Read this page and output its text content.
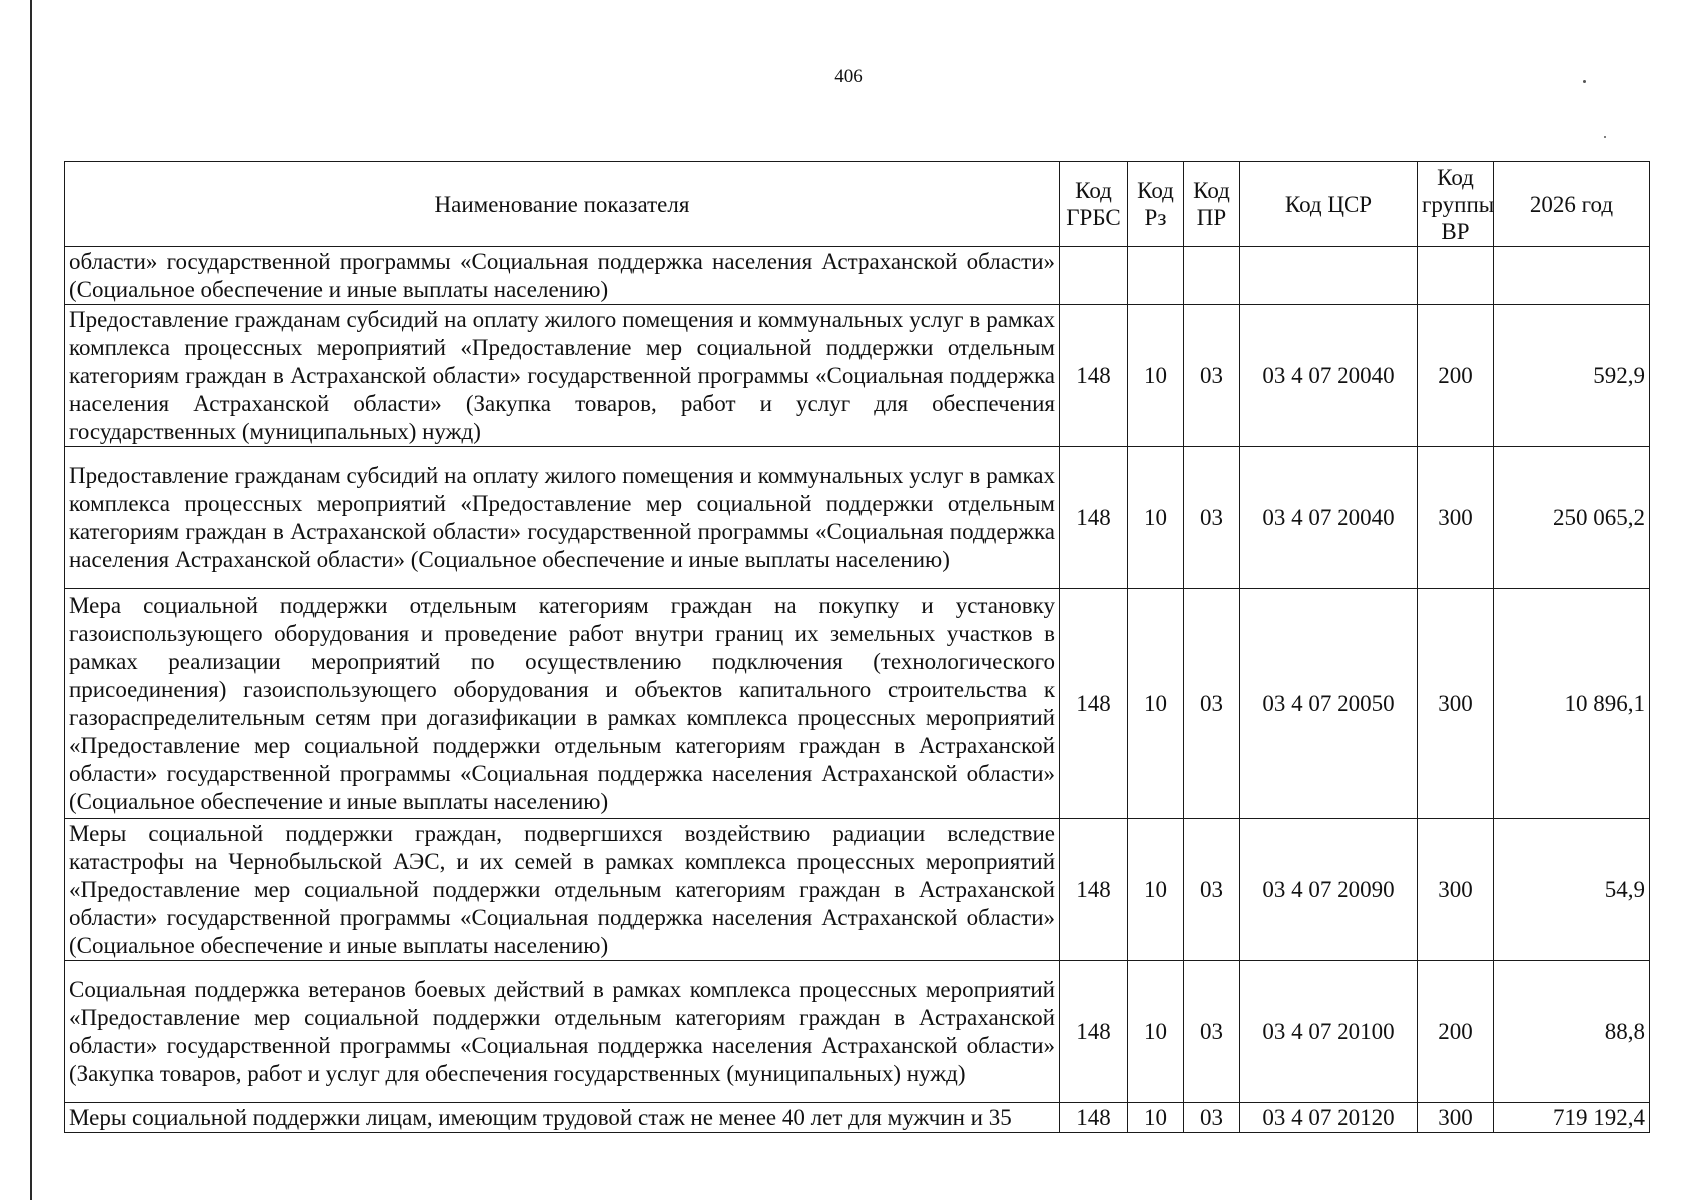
406
Наименование показателя	Код ГРБС	Код Рз	Код ПР	Код ЦСР	Код группы ВР	2026 год
области» государственной программы «Социальная поддержка населения Астраханской области» (Социальное обеспечение и иные выплаты населению)						
Предоставление гражданам субсидий на оплату жилого помещения и коммунальных услуг в рамках комплекса процессных мероприятий «Предоставление мер социальной поддержки отдельным категориям граждан в Астраханской области» государственной программы «Социальная поддержка населения Астраханской области» (Закупка товаров, работ и услуг для обеспечения государственных (муниципальных) нужд)	148	10	03	03 4 07 20040	200	592,9
Предоставление гражданам субсидий на оплату жилого помещения и коммунальных услуг в рамках комплекса процессных мероприятий «Предоставление мер социальной поддержки отдельным категориям граждан в Астраханской области» государственной программы «Социальная поддержка населения Астраханской области» (Социальное обеспечение и иные выплаты населению)	148	10	03	03 4 07 20040	300	250 065,2
Мера социальной поддержки отдельным категориям граждан на покупку и установку газоиспользующего оборудования и проведение работ внутри границ их земельных участков в рамках реализации мероприятий по осуществлению подключения (технологического присоединения) газоиспользующего оборудования и объектов капитального строительства к газораспределительным сетям при догазификации в рамках комплекса процессных мероприятий «Предоставление мер социальной поддержки отдельным категориям граждан в Астраханской области» государственной программы «Социальная поддержка населения Астраханской области» (Социальное обеспечение и иные выплаты населению)	148	10	03	03 4 07 20050	300	10 896,1
Меры социальной поддержки граждан, подвергшихся воздействию радиации вследствие катастрофы на Чернобыльской АЭС, и их семей в рамках комплекса процессных мероприятий «Предоставление мер социальной поддержки отдельным категориям граждан в Астраханской области» государственной программы «Социальная поддержка населения Астраханской области» (Социальное обеспечение и иные выплаты населению)	148	10	03	03 4 07 20090	300	54,9
Социальная поддержка ветеранов боевых действий в рамках комплекса процессных мероприятий «Предоставление мер социальной поддержки отдельным категориям граждан в Астраханской области» государственной программы «Социальная поддержка населения Астраханской области» (Закупка товаров, работ и услуг для обеспечения государственных (муниципальных) нужд)	148	10	03	03 4 07 20100	200	88,8
Меры социальной поддержки лицам, имеющим трудовой стаж не менее 40 лет для мужчин и 35	148	10	03	03 4 07 20120	300	719 192,4
